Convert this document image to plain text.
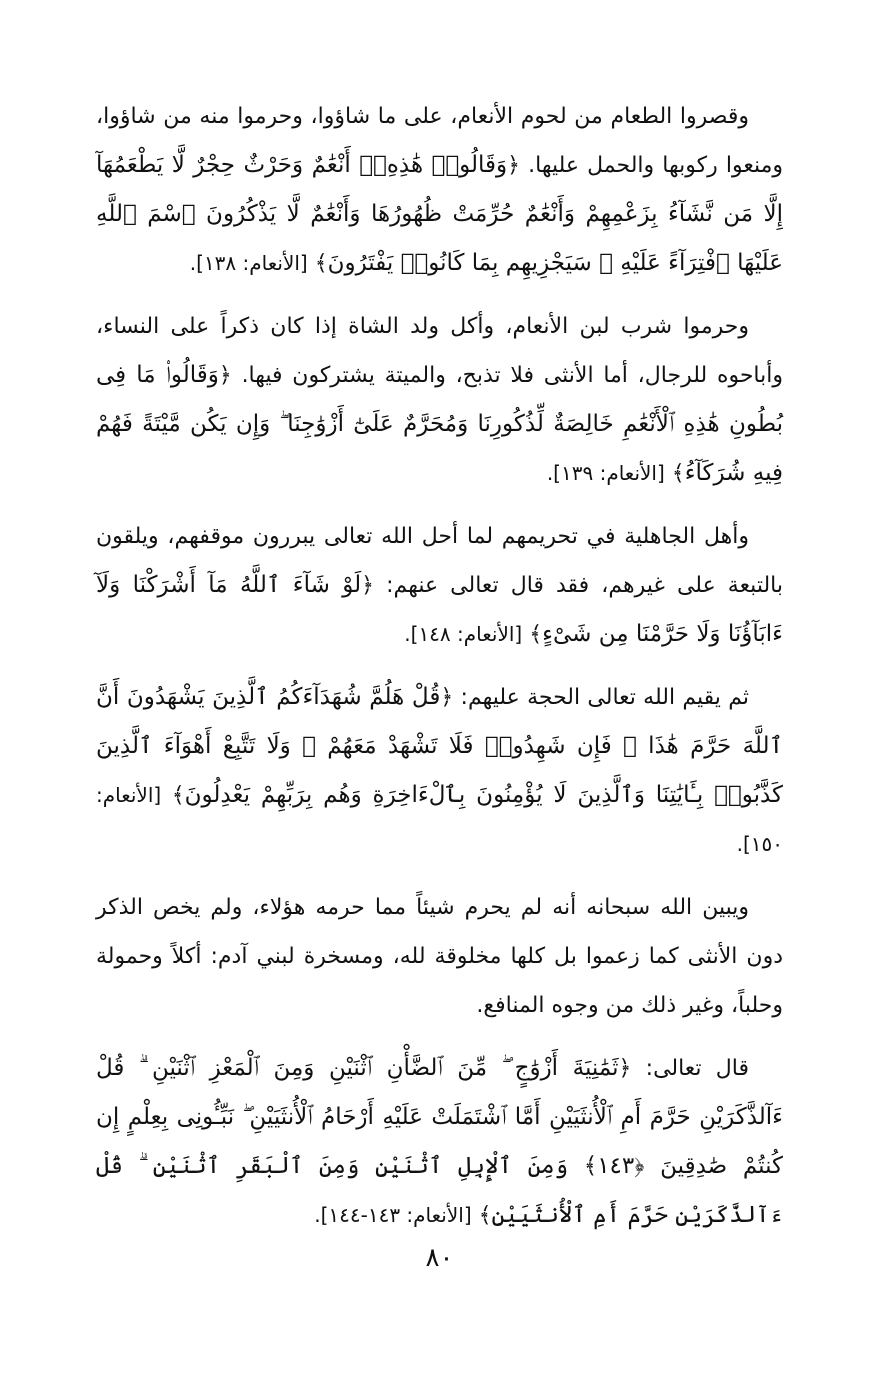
وقصروا الطعام من لحوم الأنعام، على ما شاؤوا، وحرموا منه من شاؤوا، ومنعوا ركوبها والحمل عليها. ﴿وَقَالُوا۟ هَٰذِهِۦٓ أَنْعَٰمٌ وَحَرْثٌ حِجْرٌ لَّا يَطْعَمُهَآ إِلَّا مَن نَّشَآءُ بِزَعْمِهِمْ وَأَنْعَٰمٌ حُرِّمَتْ ظُهُورُهَا وَأَنْعَٰمٌ لَّا يَذْكُرُونَ ٱسْمَ ٱللَّهِ عَلَيْهَا ٱفْتِرَآءً عَلَيْهِ ۚ سَيَجْزِيهِم بِمَا كَانُوا۟ يَفْتَرُونَ﴾ [الأنعام: ١٣٨].

وحرموا شرب لبن الأنعام، وأكل ولد الشاة إذا كان ذكراً على النساء، وأباحوه للرجال، أما الأنثى فلا تذبح، والميتة يشتركون فيها. ﴿وَقَالُوا۟ مَا فِى بُطُونِ هَٰذِهِ ٱلْأَنْعَٰمِ خَالِصَةٌ لِّذُكُورِنَا وَمُحَرَّمٌ عَلَىٰٓ أَزْوَٰجِنَا ۖ وَإِن يَكُن مَّيْتَةً فَهُمْ فِيهِ شُرَكَآءُ﴾ [الأنعام: ١٣٩].

وأهل الجاهلية في تحريمهم لما أحل الله تعالى يبررون موقفهم، ويلقون بالتبعة على غيرهم، فقد قال تعالى عنهم: ﴿لَوْ شَآءَ ٱللَّهُ مَآ أَشْرَكْنَا وَلَآ ءَابَآؤُنَا وَلَا حَرَّمْنَا مِن شَىْءٍ﴾ [الأنعام: ١٤٨].

ثم يقيم الله تعالى الحجة عليهم: ﴿قُلْ هَلُمَّ شُهَدَآءَكُمُ ٱلَّذِينَ يَشْهَدُونَ أَنَّ ٱللَّهَ حَرَّمَ هَٰذَا ۖ فَإِن شَهِدُوا۟ فَلَا تَشْهَدْ مَعَهُمْ ۚ وَلَا تَتَّبِعْ أَهْوَآءَ ٱلَّذِينَ كَذَّبُوا۟ بِـَٔايَٰتِنَا وَٱلَّذِينَ لَا يُؤْمِنُونَ بِٱلْءَاخِرَةِ وَهُم بِرَبِّهِمْ يَعْدِلُونَ﴾ [الأنعام: ١٥٠].

ويبين الله سبحانه أنه لم يحرم شيئاً مما حرمه هؤلاء، ولم يخص الذكر دون الأنثى كما زعموا بل كلها مخلوقة لله، ومسخرة لبني آدم: أكلاً وحمولة وحلباً، وغير ذلك من وجوه المنافع.

قال تعالى: ﴿ثَمَٰنِيَةَ أَزْوَٰجٍ ۖ مِّنَ ٱلضَّأْنِ ٱثْنَيْنِ وَمِنَ ٱلْمَعْزِ ٱثْنَيْنِ ۗ قُلْ ءَآلذَّكَرَيْنِ حَرَّمَ أَمِ ٱلْأُنثَيَيْنِ أَمَّا ٱشْتَمَلَتْ عَلَيْهِ أَرْحَامُ ٱلْأُنثَيَيْنِ ۖ نَبِّـُٔونِى بِعِلْمٍ إِن كُنتُمْ صَٰدِقِينَ ﴿١٤٣﴾ وَمِنَ ٱلْإِبِلِ ٱثْنَيْنِ وَمِنَ ٱلْبَقَرِ ٱثْنَيْنِ ۗ قُلْ ءَآلذَّكَرَيْنِ حَرَّمَ أَمِ ٱلْأُنثَيَيْنِ﴾ [الأنعام: ١٤٣-١٤٤].

٨٠
